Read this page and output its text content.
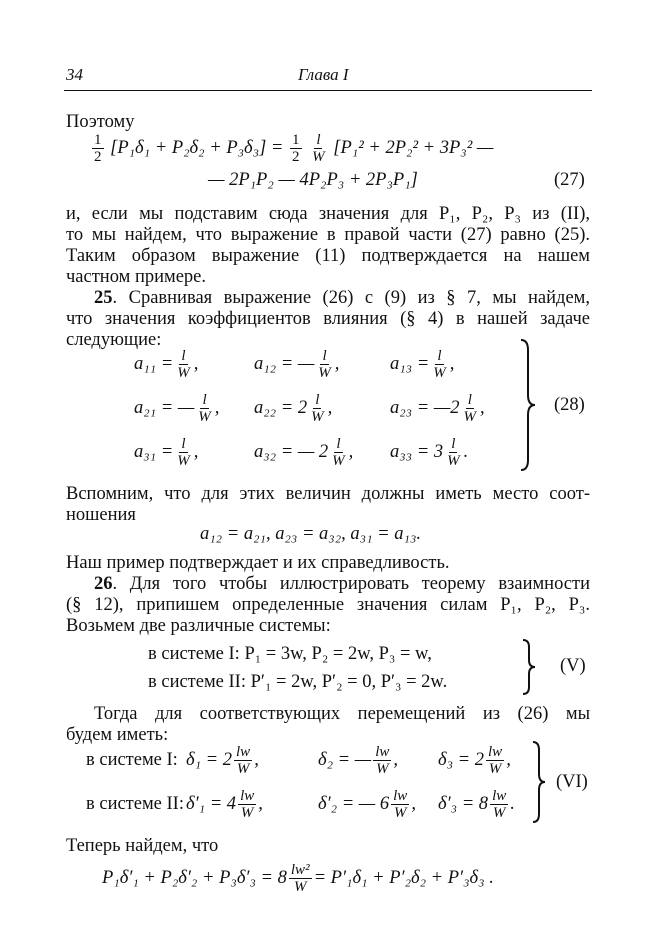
34	Глава I
Поэтому
$\frac{1}{2} [P_1\delta_1 + P_2\delta_2 + P_3\delta_3] = \frac{1}{2}$
$\frac{l}{W} [P_1^2 + 2P_2^2 + 3P_3^2$ —
— 2P₁P₂ — 4P₂P₃ + 2P₃P₁]	(27)
и, если мы подставим сюда значения для P₁, P₂, P₃ из (II),
то мы найдем, что выражение в правой части (27) равно (25).
Таким образом выражение (11) подтверждается на нашем
частном примере.
25 . Сравнивая выражение (26) с (9) из § 7, мы найдем,
что значения коэффициентов влияния (§ 4) в нашей задаче
следующие:
$a_{11} = \frac{l}{W}$ ,	a₁₂ = — $\frac{l}{W}$ ,	$a_{13} = \frac{l}{W}$ ,
a₂₁ = — $\frac{l}{W}$ , $a_{22} = 2 \frac{l}{W}$ ,	a₂₃ = —2 $\frac{l}{W}$ ,
$a_{31} = \frac{l}{W}$ ,	a₃₂ = — $2 \frac{l}{W}$ , $a_{33} = 3 \frac{l}{W}$ .
(28)
Вспомним, что для этих величин должны иметь место соот-
ношения
a₁₂ = a₂₁, a₂₃ = a₃₂, a₃₁ = a₁₃.
Наш пример подтверждает и их справедливость.
26 . Для того чтобы иллюстрировать теорему взаимности
(§ 12), припишем определенные значения силам P₁, P₂, P₃.
Возьмем две различные системы:
в системе I: P₁ = 3w, P₂ = 2w, P₃ = w,
в системе II: P′₁ = 2w, P′₂ = 0, P′₃ = 2w.
(V)
Тогда для соответствующих перемещений из (26) мы
будем иметь:
в системе I: $\delta_1 = 2 \frac{lw}{W}$ ,	δ₂ = — $\frac{lw}{W}$ , $\delta_3 = 2 \frac{lw}{W}$ ,
в системе II: $\delta'_1 = 4 \frac{lw}{W}$ ,	δ′₂ = — $6 \frac{lw}{W}$ , $\delta'_3 = 8 \frac{lw}{W}$ .
(VI)
Теперь найдем, что
$P_1\delta'_1 + P_2\delta'_2 + P_3\delta'_3 = 8 \frac{\text{lw²}}{W} = P'_1\delta_1 + P'_2\delta_2 + P'_3\delta_3$ .
